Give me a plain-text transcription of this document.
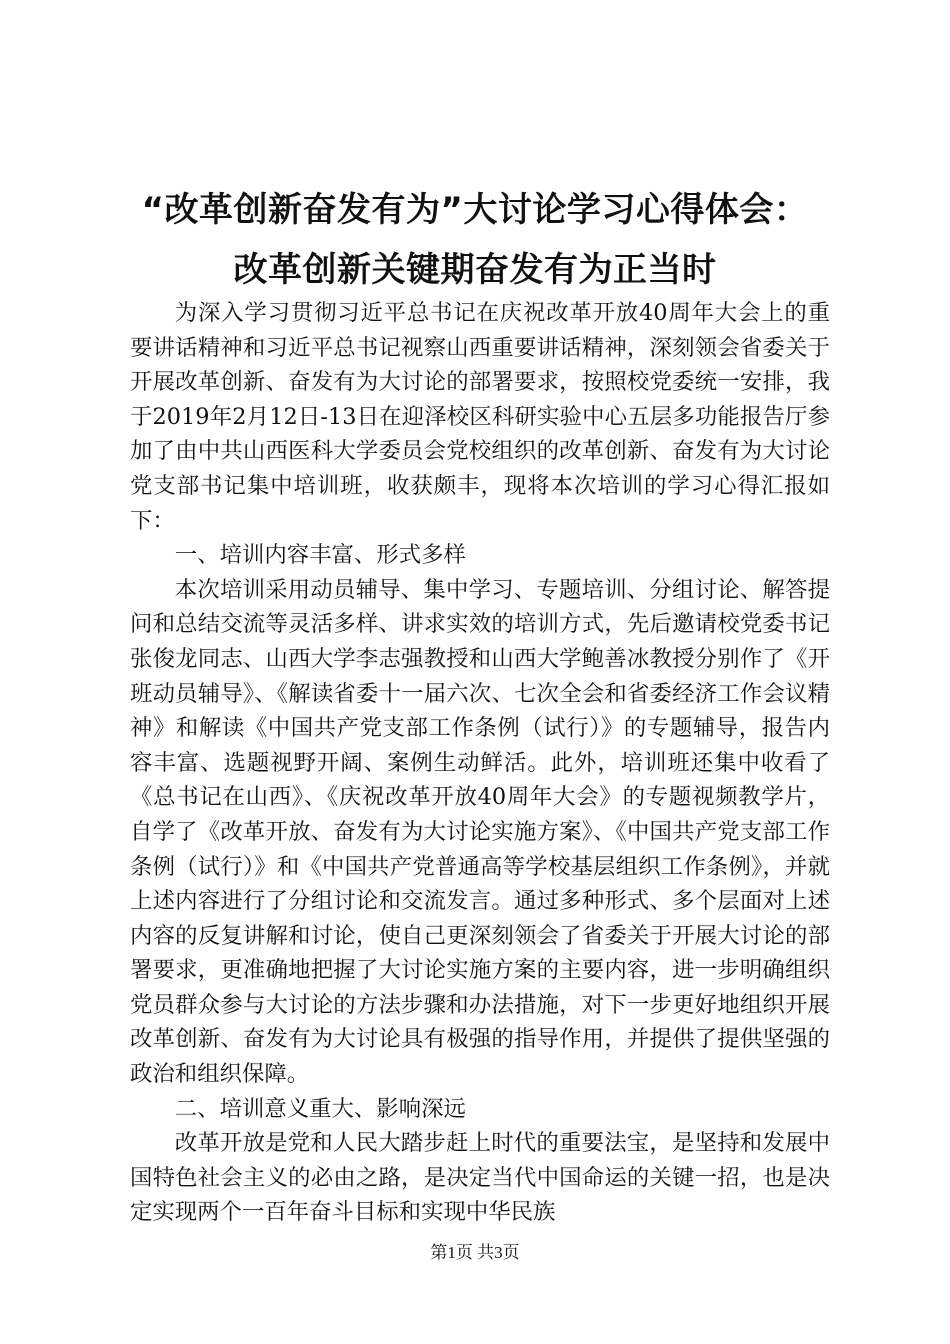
“改革创新奋发有为”大讨论学习心得体会：
改革创新关键期奋发有为正当时

为深入学习贯彻习近平总书记在庆祝改革开放40周年大会上的重要讲话精神和习近平总书记视察山西重要讲话精神，深刻领会省委关于开展改革创新、奋发有为大讨论的部署要求，按照校党委统一安排，我于2019年2月12日-13日在迎泽校区科研实验中心五层多功能报告厅参加了由中共山西医科大学委员会党校组织的改革创新、奋发有为大讨论党支部书记集中培训班，收获颇丰，现将本次培训的学习心得汇报如下：

一、培训内容丰富、形式多样

本次培训采用动员辅导、集中学习、专题培训、分组讨论、解答提问和总结交流等灵活多样、讲求实效的培训方式，先后邀请校党委书记张俊龙同志、山西大学李志强教授和山西大学鲍善冰教授分别作了《开班动员辅导》、《解读省委十一届六次、七次全会和省委经济工作会议精神》和解读《中国共产党支部工作条例（试行）》的专题辅导，报告内容丰富、选题视野开阔、案例生动鲜活。此外，培训班还集中收看了《总书记在山西》、《庆祝改革开放40周年大会》的专题视频教学片，自学了《改革开放、奋发有为大讨论实施方案》、《中国共产党支部工作条例（试行）》和《中国共产党普通高等学校基层组织工作条例》，并就上述内容进行了分组讨论和交流发言。通过多种形式、多个层面对上述内容的反复讲解和讨论，使自己更深刻领会了省委关于开展大讨论的部署要求，更准确地把握了大讨论实施方案的主要内容，进一步明确组织党员群众参与大讨论的方法步骤和办法措施，对下一步更好地组织开展改革创新、奋发有为大讨论具有极强的指导作用，并提供了提供坚强的政治和组织保障。

二、培训意义重大、影响深远

改革开放是党和人民大踏步赶上时代的重要法宝，是坚持和发展中国特色社会主义的必由之路，是决定当代中国命运的关键一招，也是决定实现两个一百年奋斗目标和实现中华民族

第1页 共3页
